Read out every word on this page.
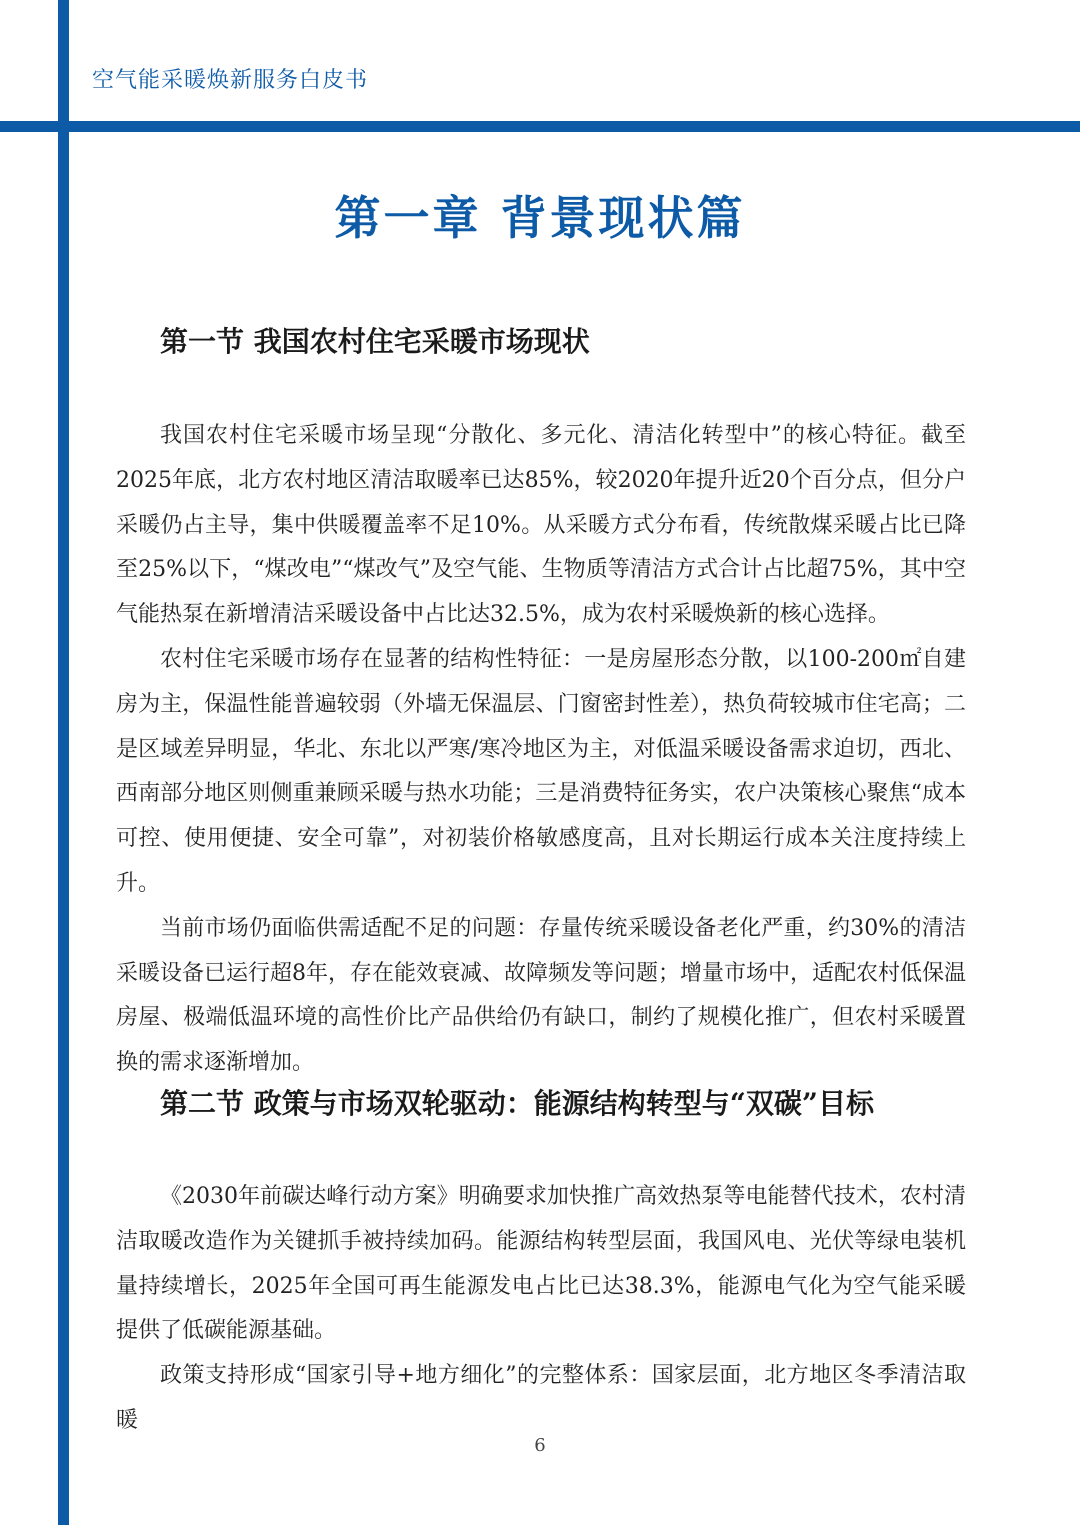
空气能采暖焕新服务白皮书
第一章 背景现状篇
第一节 我国农村住宅采暖市场现状

我国农村住宅采暖市场呈现“分散化、多元化、清洁化转型中”的核心特征。截至2025年底，北方农村地区清洁取暖率已达85%，较2020年提升近20个百分点，但分户采暖仍占主导，集中供暖覆盖率不足10%。从采暖方式分布看，传统散煤采暖占比已降至25%以下，“煤改电”“煤改气”及空气能、生物质等清洁方式合计占比超75%，其中空气能热泵在新增清洁采暖设备中占比达32.5%，成为农村采暖焕新的核心选择。

农村住宅采暖市场存在显著的结构性特征：一是房屋形态分散，以100-200㎡自建房为主，保温性能普遍较弱（外墙无保温层、门窗密封性差），热负荷较城市住宅高；二是区域差异明显，华北、东北以严寒/寒冷地区为主，对低温采暖设备需求迫切，西北、西南部分地区则侧重兼顾采暖与热水功能；三是消费特征务实，农户决策核心聚焦“成本可控、使用便捷、安全可靠”，对初装价格敏感度高，且对长期运行成本关注度持续上升。

当前市场仍面临供需适配不足的问题：存量传统采暖设备老化严重，约30%的清洁采暖设备已运行超8年，存在能效衰减、故障频发等问题；增量市场中，适配农村低保温房屋、极端低温环境的高性价比产品供给仍有缺口，制约了规模化推广，但农村采暖置换的需求逐渐增加。

第二节 政策与市场双轮驱动：能源结构转型与“双碳”目标

《2030年前碳达峰行动方案》明确要求加快推广高效热泵等电能替代技术，农村清洁取暖改造作为关键抓手被持续加码。能源结构转型层面，我国风电、光伏等绿电装机量持续增长，2025年全国可再生能源发电占比已达38.3%，能源电气化为空气能采暖提供了低碳能源基础。

政策支持形成“国家引导+地方细化”的完整体系：国家层面，北方地区冬季清洁取暖

6
